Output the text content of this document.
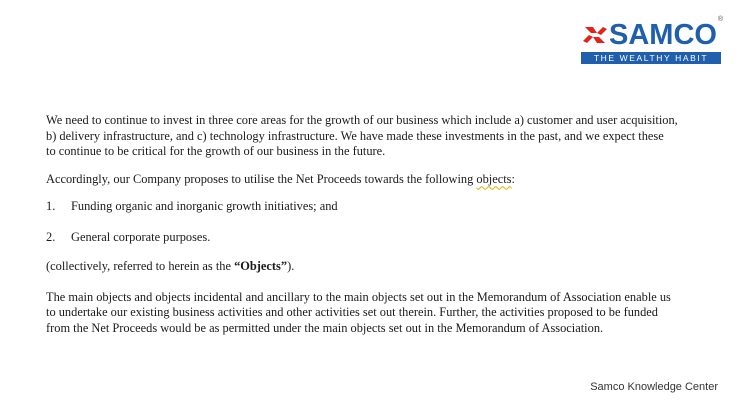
SAMCO ®
THE WEALTHY HABIT

We need to continue to invest in three core areas for the growth of our business which include a) customer and user acquisition,
b) delivery infrastructure, and c) technology infrastructure. We have made these investments in the past, and we expect these
to continue to be critical for the growth of our business in the future.

Accordingly, our Company proposes to utilise the Net Proceeds towards the following objects:

1.	Funding organic and inorganic growth initiatives; and
2.	General corporate purposes.

(collectively, referred to herein as the “Objects”).

The main objects and objects incidental and ancillary to the main objects set out in the Memorandum of Association enable us
to undertake our existing business activities and other activities set out therein. Further, the activities proposed to be funded
from the Net Proceeds would be as permitted under the main objects set out in the Memorandum of Association.

Samco Knowledge Center
